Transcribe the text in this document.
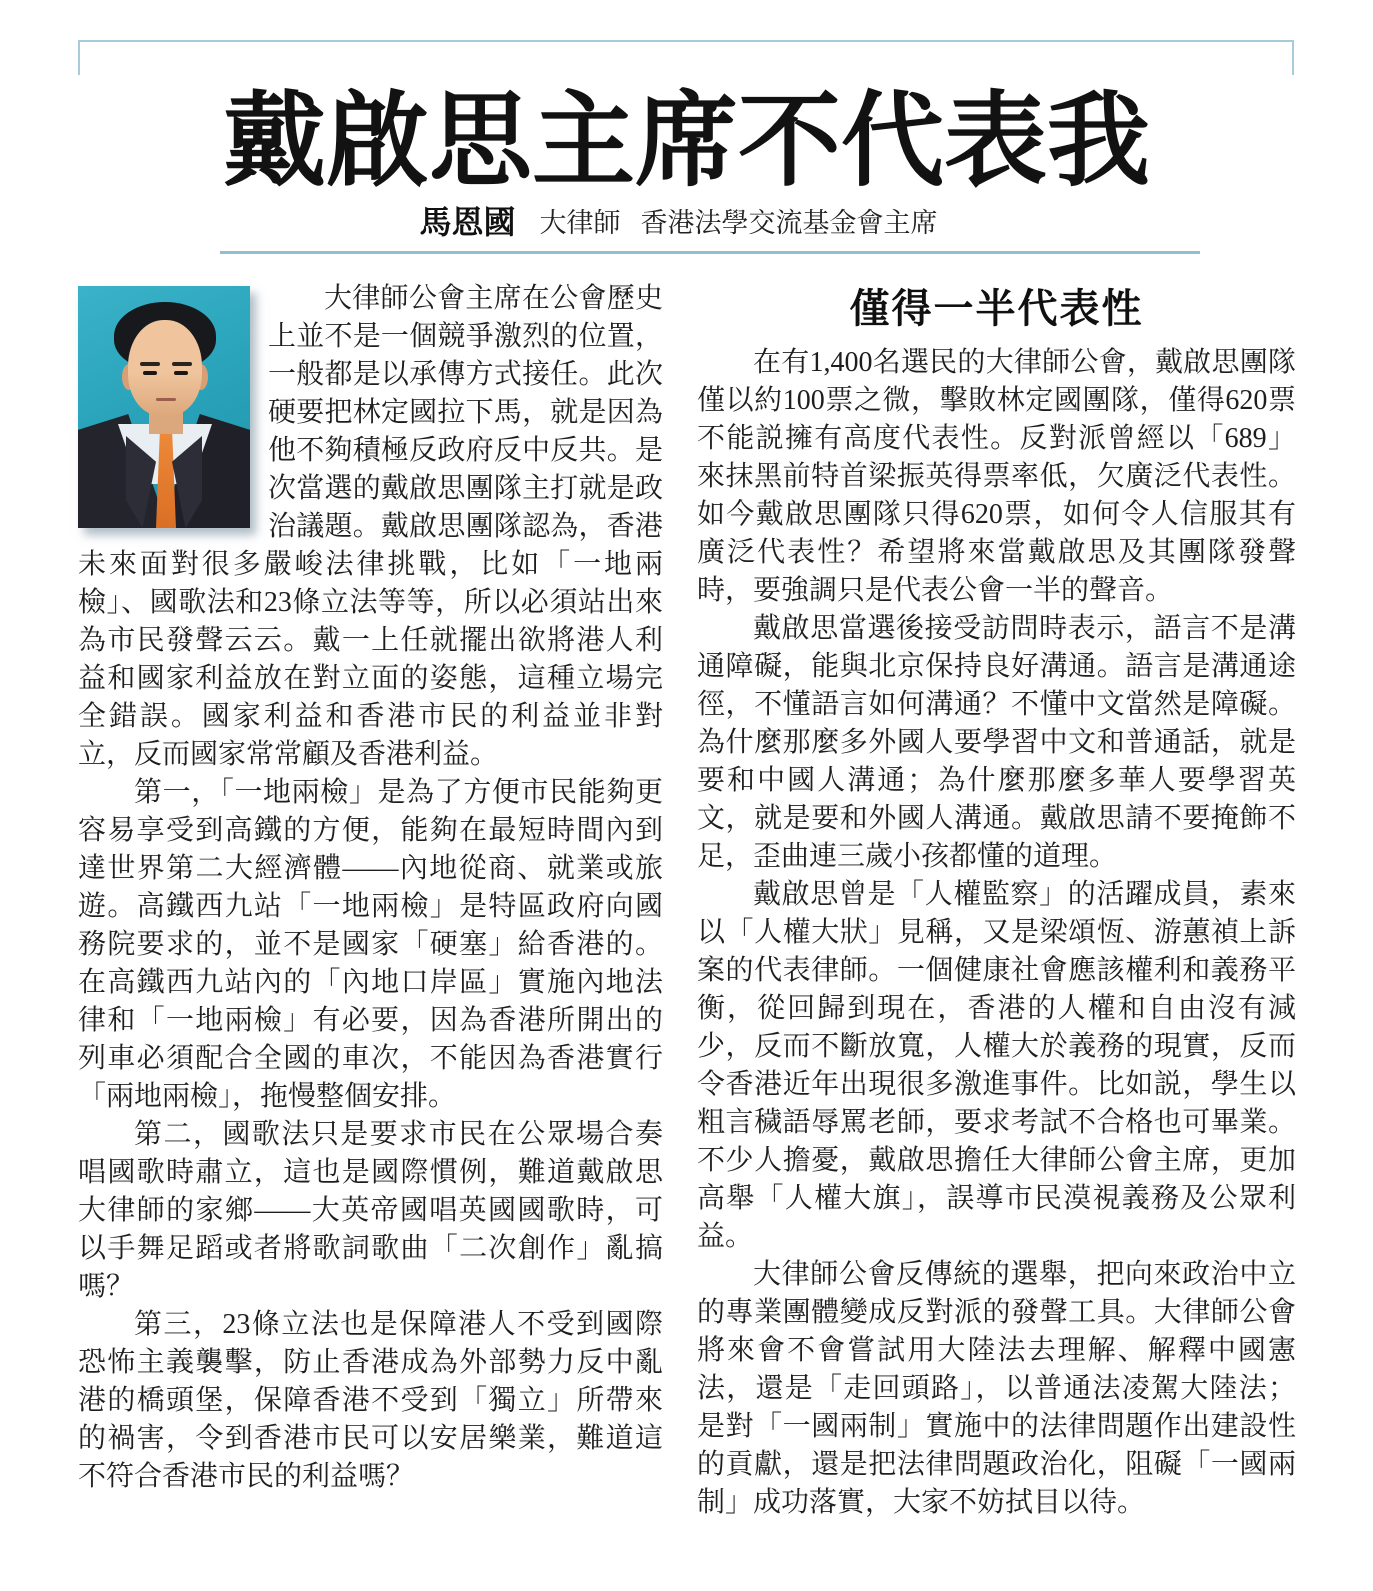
戴啟思主席不代表我
馬恩國 大律師 香港法學交流基金會主席

大律師公會主席在公會歷史上並不是一個競爭激烈的位置，一般都是以承傳方式接任。此次硬要把林定國拉下馬，就是因為他不夠積極反政府反中反共。是次當選的戴啟思團隊主打就是政治議題。戴啟思團隊認為，香港未來面對很多嚴峻法律挑戰，比如「一地兩檢」、國歌法和23條立法等等，所以必須站出來為市民發聲云云。戴一上任就擺出欲將港人利益和國家利益放在對立面的姿態，這種立場完全錯誤。國家利益和香港市民的利益並非對立，反而國家常常顧及香港利益。

第一，「一地兩檢」是為了方便市民能夠更容易享受到高鐵的方便，能夠在最短時間內到達世界第二大經濟體——內地從商、就業或旅遊。高鐵西九站「一地兩檢」是特區政府向國務院要求的，並不是國家「硬塞」給香港的。在高鐵西九站內的「內地口岸區」實施內地法律和「一地兩檢」有必要，因為香港所開出的列車必須配合全國的車次，不能因為香港實行「兩地兩檢」，拖慢整個安排。

第二，國歌法只是要求市民在公眾場合奏唱國歌時肅立，這也是國際慣例，難道戴啟思大律師的家鄉——大英帝國唱英國國歌時，可以手舞足蹈或者將歌詞歌曲「二次創作」亂搞嗎？

第三，23條立法也是保障港人不受到國際恐怖主義襲擊，防止香港成為外部勢力反中亂港的橋頭堡，保障香港不受到「獨立」所帶來的禍害，令到香港市民可以安居樂業，難道這不符合香港市民的利益嗎？

僅得一半代表性

在有1,400名選民的大律師公會，戴啟思團隊僅以約100票之微，擊敗林定國團隊，僅得620票不能説擁有高度代表性。反對派曾經以「689」來抹黑前特首梁振英得票率低，欠廣泛代表性。如今戴啟思團隊只得620票，如何令人信服其有廣泛代表性？希望將來當戴啟思及其團隊發聲時，要強調只是代表公會一半的聲音。

戴啟思當選後接受訪問時表示，語言不是溝通障礙，能與北京保持良好溝通。語言是溝通途徑，不懂語言如何溝通？不懂中文當然是障礙。為什麼那麼多外國人要學習中文和普通話，就是要和中國人溝通；為什麼那麼多華人要學習英文，就是要和外國人溝通。戴啟思請不要掩飾不足，歪曲連三歲小孩都懂的道理。

戴啟思曾是「人權監察」的活躍成員，素來以「人權大狀」見稱，又是梁頌恆、游蕙禎上訴案的代表律師。一個健康社會應該權利和義務平衡，從回歸到現在，香港的人權和自由沒有減少，反而不斷放寬，人權大於義務的現實，反而令香港近年出現很多激進事件。比如説，學生以粗言穢語辱罵老師，要求考試不合格也可畢業。不少人擔憂，戴啟思擔任大律師公會主席，更加高舉「人權大旗」，誤導市民漠視義務及公眾利益。

大律師公會反傳統的選舉，把向來政治中立的專業團體變成反對派的發聲工具。大律師公會將來會不會嘗試用大陸法去理解、解釋中國憲法，還是「走回頭路」，以普通法凌駕大陸法；是對「一國兩制」實施中的法律問題作出建設性的貢獻，還是把法律問題政治化，阻礙「一國兩制」成功落實，大家不妨拭目以待。
